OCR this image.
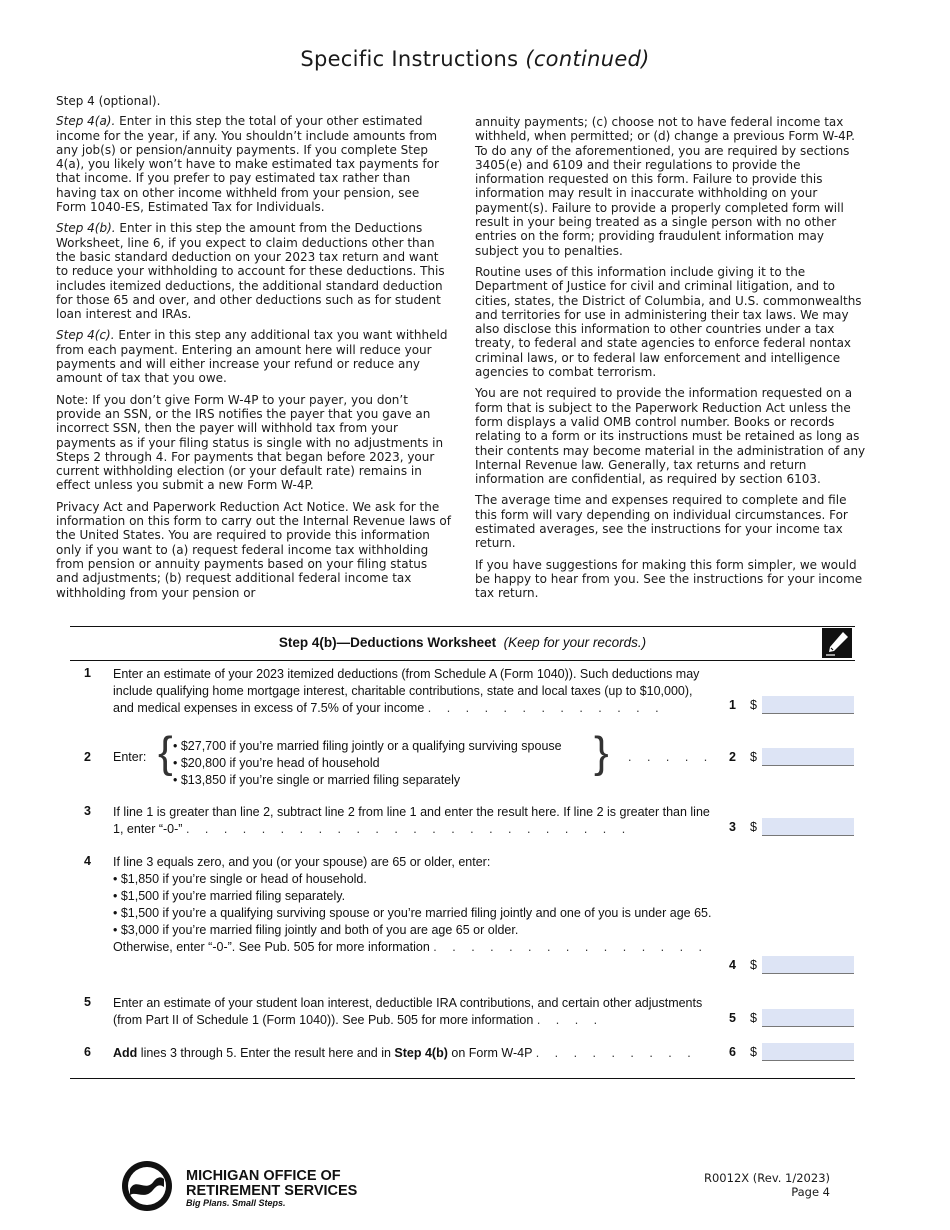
Specific Instructions (continued)

Step 4 (optional).

Step 4(a). Enter in this step the total of your other estimated income for the year, if any. You shouldn’t include amounts from any job(s) or pension/annuity payments. If you complete Step 4(a), you likely won’t have to make estimated tax payments for that income. If you prefer to pay estimated tax rather than having tax on other income withheld from your pension, see Form 1040-ES, Estimated Tax for Individuals.

Step 4(b). Enter in this step the amount from the Deductions Worksheet, line 6, if you expect to claim deductions other than the basic standard deduction on your 2023 tax return and want to reduce your withholding to account for these deductions. This includes itemized deductions, the additional standard deduction for those 65 and over, and other deductions such as for student loan interest and IRAs.

Step 4(c). Enter in this step any additional tax you want withheld from each payment. Entering an amount here will reduce your payments and will either increase your refund or reduce any amount of tax that you owe.

Note: If you don’t give Form W-4P to your payer, you don’t provide an SSN, or the IRS notifies the payer that you gave an incorrect SSN, then the payer will withhold tax from your payments as if your filing status is single with no adjustments in Steps 2 through 4. For payments that began before 2023, your current withholding election (or your default rate) remains in effect unless you submit a new Form W-4P.

Privacy Act and Paperwork Reduction Act Notice. We ask for the information on this form to carry out the Internal Revenue laws of the United States. You are required to provide this information only if you want to (a) request federal income tax withholding from pension or annuity payments based on your filing status and adjustments; (b) request additional federal income tax withholding from your pension or

annuity payments; (c) choose not to have federal income tax withheld, when permitted; or (d) change a previous Form W-4P. To do any of the aforementioned, you are required by sections 3405(e) and 6109 and their regulations to provide the information requested on this form. Failure to provide this information may result in inaccurate withholding on your payment(s). Failure to provide a properly completed form will result in your being treated as a single person with no other entries on the form; providing fraudulent information may subject you to penalties.

Routine uses of this information include giving it to the Department of Justice for civil and criminal litigation, and to cities, states, the District of Columbia, and U.S. commonwealths and territories for use in administering their tax laws. We may also disclose this information to other countries under a tax treaty, to federal and state agencies to enforce federal nontax criminal laws, or to federal law enforcement and intelligence agencies to combat terrorism.

You are not required to provide the information requested on a form that is subject to the Paperwork Reduction Act unless the form displays a valid OMB control number. Books or records relating to a form or its instructions must be retained as long as their contents may become material in the administration of any Internal Revenue law. Generally, tax returns and return information are confidential, as required by section 6103.

The average time and expenses required to complete and file this form will vary depending on individual circumstances. For estimated averages, see the instructions for your income tax return.

If you have suggestions for making this form simpler, we would be happy to hear from you. See the instructions for your income tax return.

Step 4(b)—Deductions Worksheet (Keep for your records.)
1 Enter an estimate of your 2023 itemized deductions (from Schedule A (Form 1040)). Such deductions may include qualifying home mortgage interest, charitable contributions, state and local taxes (up to $10,000), and medical expenses in excess of 7.5% of your income . . . . . . . . . . . . .	1 $
2 Enter: { • $27,700 if you’re married filing jointly or a qualifying surviving spouse
• $20,800 if you’re head of household
• $13,850 if you’re single or married filing separately
} . . . . . 2 $
3 If line 1 is greater than line 2, subtract line 2 from line 1 and enter the result here. If line 2 is greater than line 1, enter “-0-” . . . . . . . . . . . . . . . . . . . . . . . .	3 $
4 If line 3 equals zero, and you (or your spouse) are 65 or older, enter:
• $1,850 if you’re single or head of household.
• $1,500 if you’re married filing separately.
• $1,500 if you’re a qualifying surviving spouse or you’re married filing jointly and one of you is under age 65.
• $3,000 if you’re married filing jointly and both of you are age 65 or older.
Otherwise, enter “-0-”. See Pub. 505 for more information . . . . . . . . . . . . . . .
4 $
5 Enter an estimate of your student loan interest, deductible IRA contributions, and certain other adjustments (from Part II of Schedule 1 (Form 1040)). See Pub. 505 for more information . . . .	5 $
6 Add lines 3 through 5. Enter the result here and in Step 4(b) on Form W-4P . . . . . . . . .	6 $
MICHIGAN OFFICE OF
RETIREMENT SERVICES
Big Plans. Small Steps.
R0012X (Rev. 1/2023)
Page 4
